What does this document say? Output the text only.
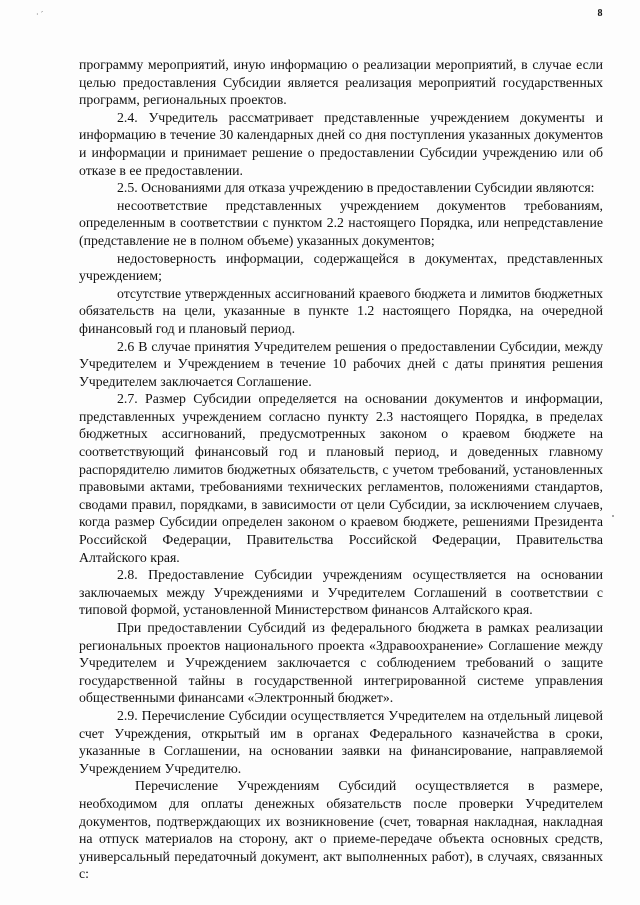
· ´	8

программу мероприятий, иную информацию о реализации мероприятий, в случае если целью предоставления Субсидии является реализация мероприятий государственных программ, региональных проектов.

2.4. Учредитель рассматривает представленные учреждением документы и информацию в течение 30 календарных дней со дня поступления указанных документов и информации и принимает решение о предоставлении Субсидии учреждению или об отказе в ее предоставлении.

2.5. Основаниями для отказа учреждению в предоставлении Субсидии являются:

несоответствие представленных учреждением документов требованиям, определенным в соответствии с пунктом 2.2 настоящего Порядка, или непредставление (представление не в полном объеме) указанных документов;

недостоверность информации, содержащейся в документах, представленных учреждением;

отсутствие утвержденных ассигнований краевого бюджета и лимитов бюджетных обязательств на цели, указанные в пункте 1.2 настоящего Порядка, на очередной финансовый год и плановый период.

2.6 В случае принятия Учредителем решения о предоставлении Субсидии, между Учредителем и Учреждением в течение 10 рабочих дней с даты принятия решения Учредителем заключается Соглашение.

2.7. Размер Субсидии определяется на основании документов и информации, представленных учреждением согласно пункту 2.3 настоящего Порядка, в пределах бюджетных ассигнований, предусмотренных законом о краевом бюджете на соответствующий финансовый год и плановый период, и доведенных главному распорядителю лимитов бюджетных обязательств, с учетом требований, установленных правовыми актами, требованиями технических регламентов, положениями стандартов, сводами правил, порядками, в зависимости от цели Субсидии, за исключением случаев, когда размер Субсидии определен законом о краевом бюджете, решениями Президента Российской Федерации, Правительства Российской Федерации, Правительства Алтайского края.

2.8. Предоставление Субсидии учреждениям осуществляется на основании заключаемых между Учреждениями и Учредителем Соглашений в соответствии с типовой формой, установленной Министерством финансов Алтайского края.

При предоставлении Субсидий из федерального бюджета в рамках реализации региональных проектов национального проекта «Здравоохранение» Соглашение между Учредителем и Учреждением заключается с соблюдением требований о защите государственной тайны в государственной интегрированной системе управления общественными финансами «Электронный бюджет».

2.9. Перечисление Субсидии осуществляется Учредителем на отдельный лицевой счет Учреждения, открытый им в органах Федерального казначейства в сроки, указанные в Соглашении, на основании заявки на финансирование, направляемой Учреждением Учредителю.

Перечисление Учреждениям Субсидий осуществляется в размере, необходимом для оплаты денежных обязательств после проверки Учредителем документов, подтверждающих их возникновение (счет, товарная накладная, накладная на отпуск материалов на сторону, акт о приеме-передаче объекта основных средств, универсальный передаточный документ, акт выполненных работ), в случаях, связанных с:
